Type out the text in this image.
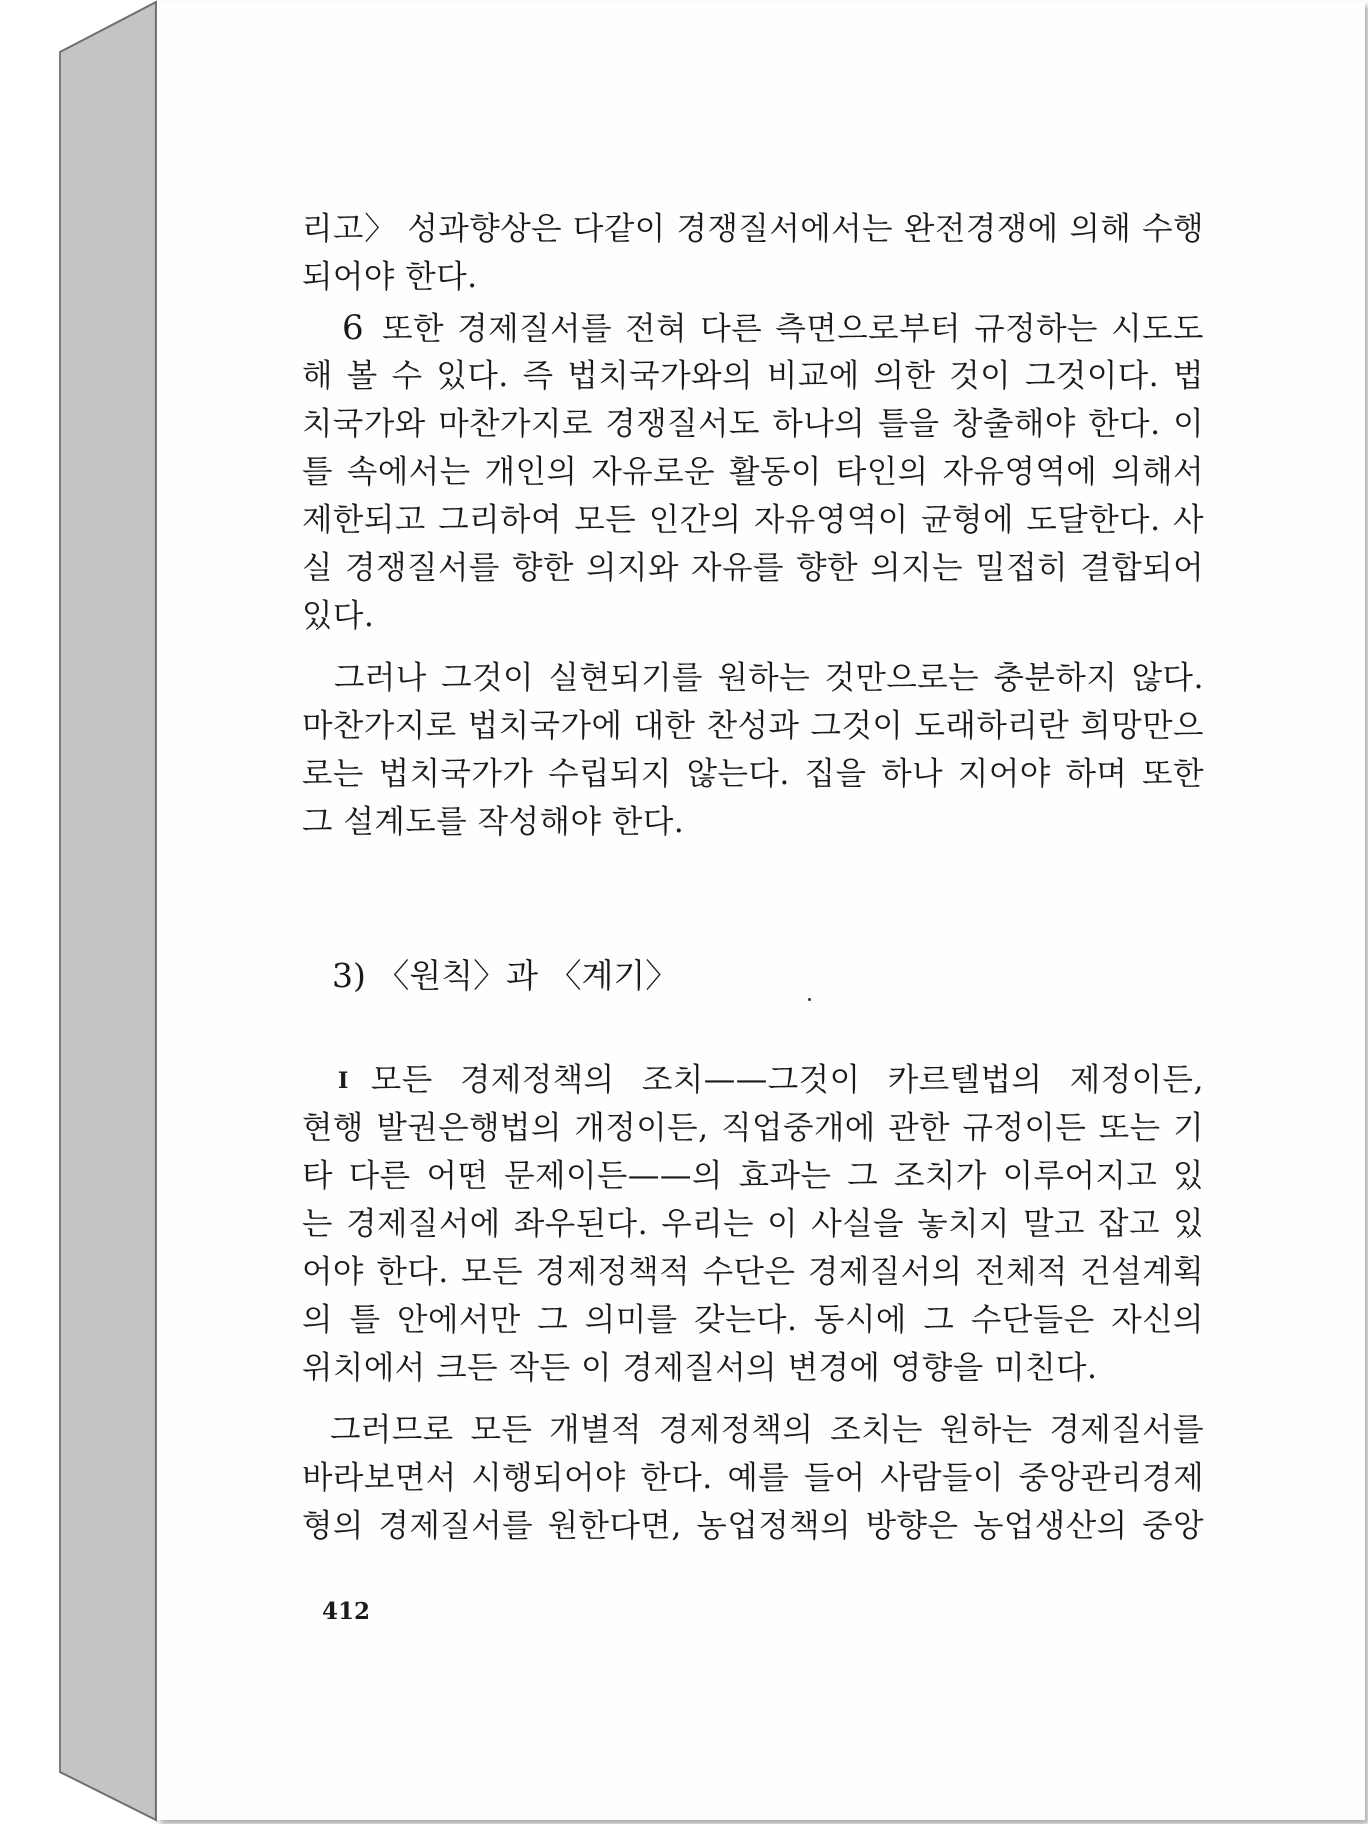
리고〉 성과향상은 다같이 경쟁질서에서는 완전경쟁에 의해 수행
되어야 한다.
6 또한 경제질서를 전혀 다른 측면으로부터 규정하는 시도도
해 볼 수 있다. 즉 법치국가와의 비교에 의한 것이 그것이다. 법
치국가와 마찬가지로 경쟁질서도 하나의 틀을 창출해야 한다. 이
틀 속에서는 개인의 자유로운 활동이 타인의 자유영역에 의해서
제한되고 그리하여 모든 인간의 자유영역이 균형에 도달한다. 사
실 경쟁질서를 향한 의지와 자유를 향한 의지는 밀접히 결합되어
있다.
그러나 그것이 실현되기를 원하는 것만으로는 충분하지 않다.
마찬가지로 법치국가에 대한 찬성과 그것이 도래하리란 희망만으
로는 법치국가가 수립되지 않는다. 집을 하나 지어야 하며 또한
그 설계도를 작성해야 한다.
3) 〈원칙〉과 〈계기〉
I 모든 경제정책의 조치——그것이 카르텔법의 제정이든,
현행 발권은행법의 개정이든, 직업중개에 관한 규정이든 또는 기
타 다른 어떤 문제이든——의 효과는 그 조치가 이루어지고 있
는 경제질서에 좌우된다. 우리는 이 사실을 놓치지 말고 잡고 있
어야 한다. 모든 경제정책적 수단은 경제질서의 전체적 건설계획
의 틀 안에서만 그 의미를 갖는다. 동시에 그 수단들은 자신의
위치에서 크든 작든 이 경제질서의 변경에 영향을 미친다.
그러므로 모든 개별적 경제정책의 조치는 원하는 경제질서를
바라보면서 시행되어야 한다. 예를 들어 사람들이 중앙관리경제
형의 경제질서를 원한다면, 농업정책의 방향은 농업생산의 중앙
412
